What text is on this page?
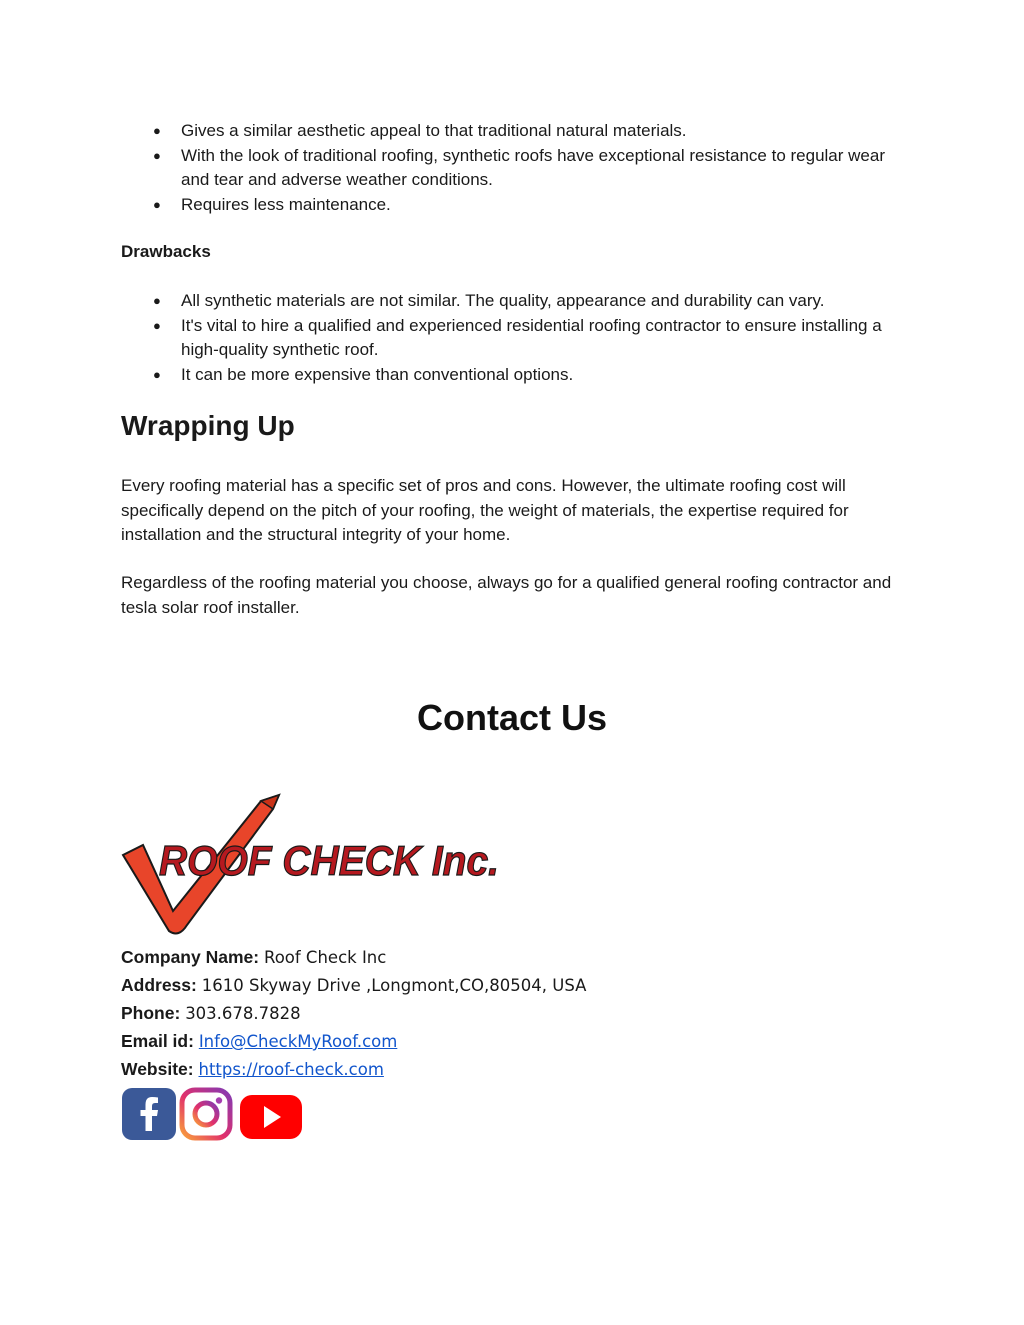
● Gives a similar aesthetic appeal to that traditional natural materials.
● With the look of traditional roofing, synthetic roofs have exceptional resistance to regular wear and tear and adverse weather conditions.
● Requires less maintenance.
Drawbacks
● All synthetic materials are not similar. The quality, appearance and durability can vary.
● It's vital to hire a qualified and experienced residential roofing contractor to ensure installing a high-quality synthetic roof.
● It can be more expensive than conventional options.
Wrapping Up

Every roofing material has a specific set of pros and cons. However, the ultimate roofing cost will specifically depend on the pitch of your roofing, the weight of materials, the expertise required for installation and the structural integrity of your home.

Regardless of the roofing material you choose, always go for a qualified general roofing contractor and tesla solar roof installer.

Contact Us
ROOF CHECK Inc.
Company Name: Roof Check Inc
Address: 1610 Skyway Drive ,Longmont,CO,80504, USA
Phone: 303.678.7828
Email id: Info@CheckMyRoof.com
Website: https://roof-check.com
